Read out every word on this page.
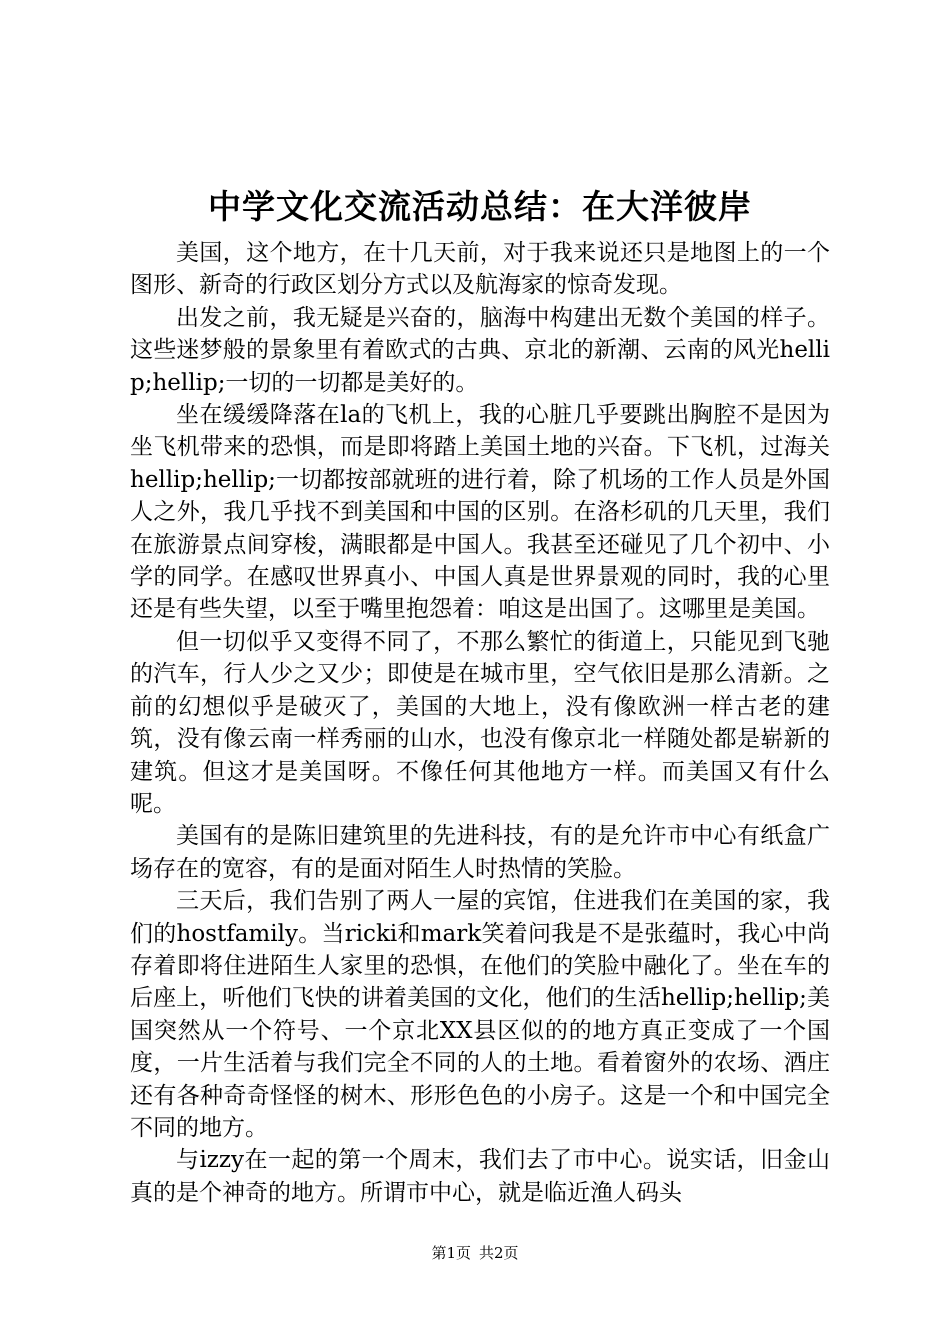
中学文化交流活动总结：在大洋彼岸

美国，这个地方，在十几天前，对于我来说还只是地图上的一个图形、新奇的行政区划分方式以及航海家的惊奇发现。

出发之前，我无疑是兴奋的，脑海中构建出无数个美国的样子。这些迷梦般的景象里有着欧式的古典、京北的新潮、云南的风光hellip;hellip;一切的一切都是美好的。

坐在缓缓降落在la的飞机上，我的心脏几乎要跳出胸腔不是因为坐飞机带来的恐惧，而是即将踏上美国土地的兴奋。下飞机，过海关hellip;hellip;一切都按部就班的进行着，除了机场的工作人员是外国人之外，我几乎找不到美国和中国的区别。在洛杉矶的几天里，我们在旅游景点间穿梭，满眼都是中国人。我甚至还碰见了几个初中、小学的同学。在感叹世界真小、中国人真是世界景观的同时，我的心里还是有些失望，以至于嘴里抱怨着：咱这是出国了。这哪里是美国。

但一切似乎又变得不同了，不那么繁忙的街道上，只能见到飞驰的汽车，行人少之又少；即使是在城市里，空气依旧是那么清新。之前的幻想似乎是破灭了，美国的大地上，没有像欧洲一样古老的建筑，没有像云南一样秀丽的山水，也没有像京北一样随处都是崭新的建筑。但这才是美国呀。不像任何其他地方一样。而美国又有什么呢。

美国有的是陈旧建筑里的先进科技，有的是允许市中心有纸盒广场存在的宽容，有的是面对陌生人时热情的笑脸。

三天后，我们告别了两人一屋的宾馆，住进我们在美国的家，我们的hostfamily。当ricki和mark笑着问我是不是张蕴时，我心中尚存着即将住进陌生人家里的恐惧，在他们的笑脸中融化了。坐在车的后座上，听他们飞快的讲着美国的文化，他们的生活hellip;hellip;美国突然从一个符号、一个京北XX县区似的的地方真正变成了一个国度，一片生活着与我们完全不同的人的土地。看着窗外的农场、酒庄还有各种奇奇怪怪的树木、形形色色的小房子。这是一个和中国完全不同的地方。

与izzy在一起的第一个周末，我们去了市中心。说实话，旧金山真的是个神奇的地方。所谓市中心，就是临近渔人码头

第1页 共2页
